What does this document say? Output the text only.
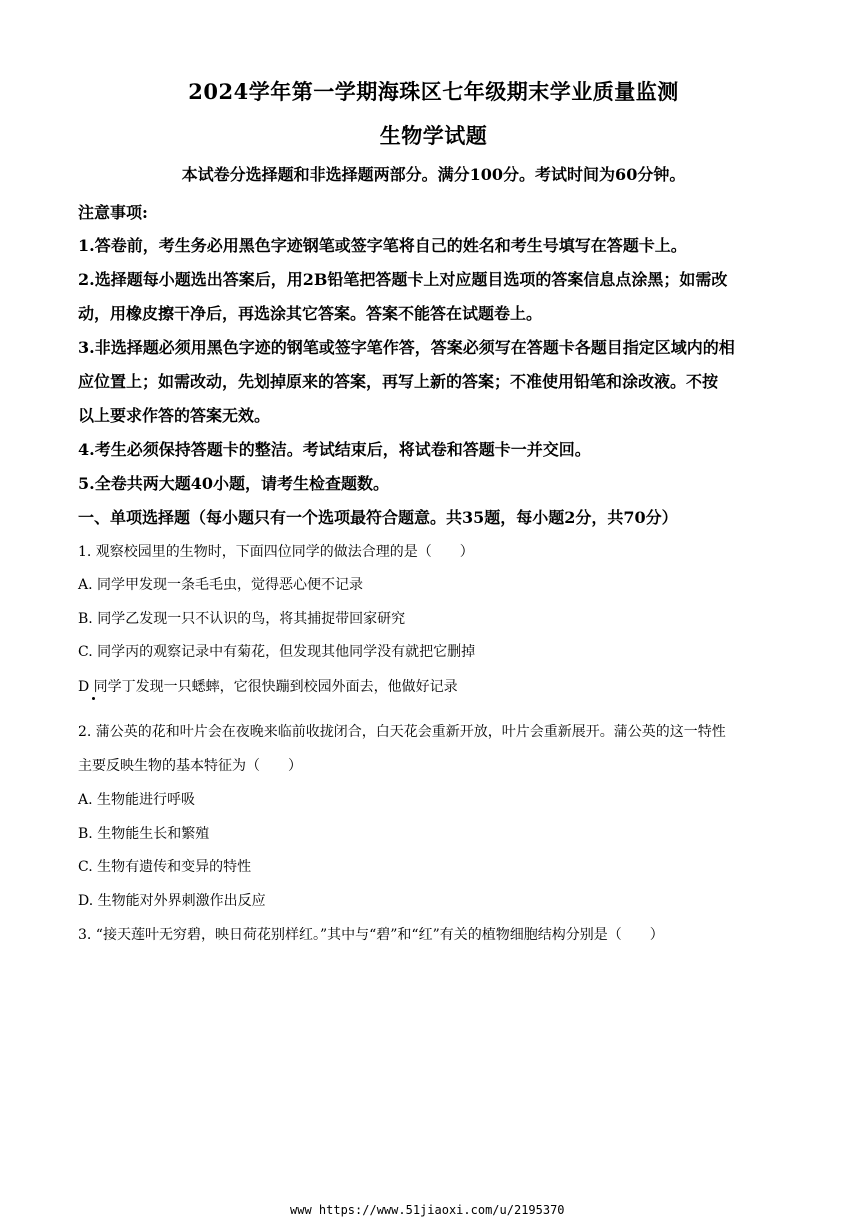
2024学年第一学期海珠区七年级期末学业质量监测
生物学试题
本试卷分选择题和非选择题两部分。满分100分。考试时间为60分钟。
注意事项:
1.答卷前，考生务必用黑色字迹钢笔或签字笔将自己的姓名和考生号填写在答题卡上。
2.选择题每小题选出答案后，用2B铅笔把答题卡上对应题目选项的答案信息点涂黑；如需改
动，用橡皮擦干净后，再选涂其它答案。答案不能答在试题卷上。
3.非选择题必须用黑色字迹的钢笔或签字笔作答，答案必须写在答题卡各题目指定区域内的相
应位置上；如需改动，先划掉原来的答案，再写上新的答案；不准使用铅笔和涂改液。不按
以上要求作答的答案无效。
4.考生必须保持答题卡的整洁。考试结束后，将试卷和答题卡一并交回。
5.全卷共两大题40小题，请考生检查题数。
一、单项选择题（每小题只有一个选项最符合题意。共35题，每小题2分，共70分）
1. 观察校园里的生物时，下面四位同学的做法合理的是（　　）
A. 同学甲发现一条毛毛虫，觉得恶心便不记录
B. 同学乙发现一只不认识的鸟，将其捕捉带回家研究
C. 同学丙的观察记录中有菊花，但发现其他同学没有就把它删掉
D 同学丁发现一只蟋蟀，它很快蹦到校园外面去，他做好记录
2. 蒲公英的花和叶片会在夜晚来临前收拢闭合，白天花会重新开放，叶片会重新展开。蒲公英的这一特性
主要反映生物的基本特征为（　　）
A. 生物能进行呼吸
B. 生物能生长和繁殖
C. 生物有遗传和变异的特性
D. 生物能对外界刺激作出反应
3. “接天莲叶无穷碧，映日荷花别样红。”其中与“碧”和“红”有关的植物细胞结构分别是（　　）
www https://www.51jiaoxi.com/u/2195370
